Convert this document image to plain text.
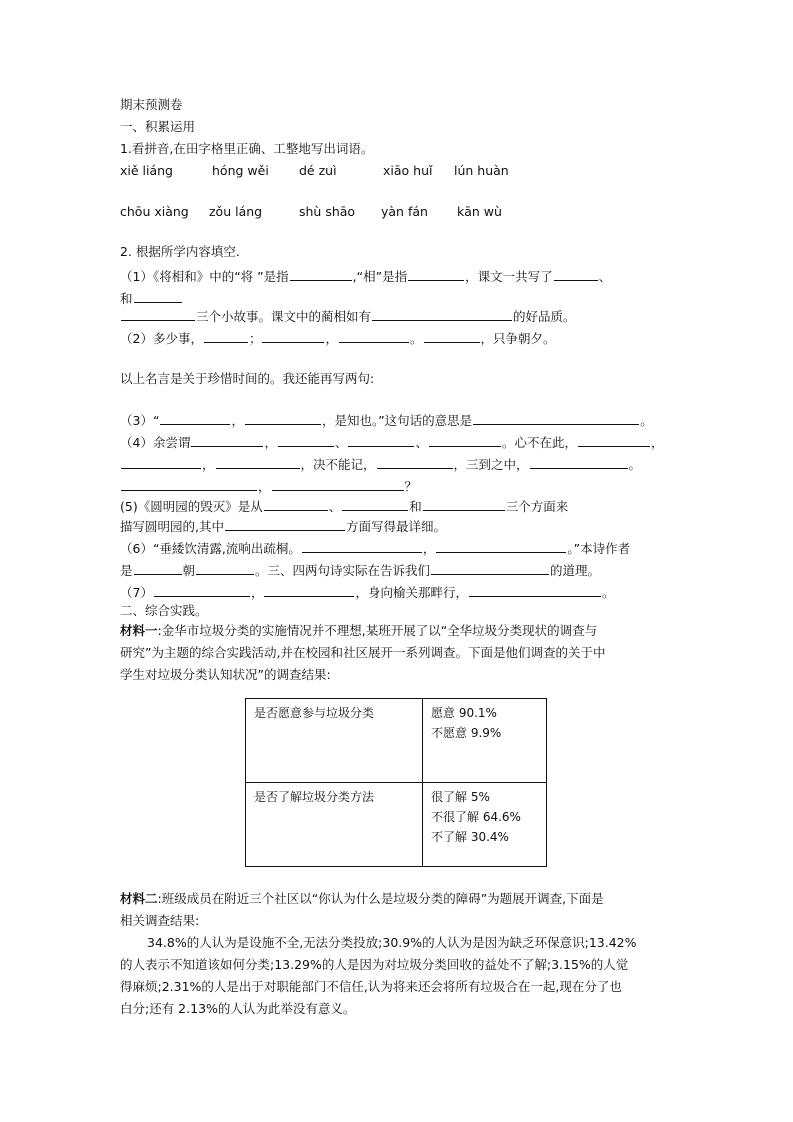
期末预测卷
一、积累运用
1.看拼音,在田字格里正确、工整地写出词语。
xiě liáng	hóng wěi dé zuì	xiāo huǐ lún huàn
chōu xiàng zǒu láng	shù shāo yàn fán kān wù
2. 根据所学内容填空.
（1）《将相和》中的“将 ”是指	,“相”是指	，课文一共写了	、
和
三个小故事。课文中的蔺相如有	的好品质。
（2）多少事，	；	，	。	，只争朝夕。
以上名言是关于珍惜时间的。我还能再写两句:
（3）“	，	，是知也。”这句话的意思是	。
（4）余尝谓	，	、	、	。心不在此，	，
，	，决不能记，	，三到之中，	。
，	？
(5)《圆明园的毁灭》是从	、	和	三个方面来
描写圆明园的,其中	方面写得最详细。
（6）“垂緌饮清露,流响出疏桐。	，	。”本诗作者
是	朝	。三、四两句诗实际在告诉我们	的道理。
（7）	，	，身向榆关那畔行，	。
二、综合实践。
材料一:金华市垃圾分类的实施情况并不理想,某班开展了以“全华垃圾分类现状的调查与
研究”为主题的综合实践活动,并在校园和社区展开一系列调查。下面是他们调查的关于中
学生对垃圾分类认知状况”的调查结果:
是否愿意参与垃圾分类	愿意 90.1%
不愿意 9.9%

是否了解垃圾分类方法	很了解 5%
不很了解 64.6%
不了解 30.4%
材料二:班级成员在附近三个社区以“你认为什么是垃圾分类的障碍”为题展开调查,下面是
相关调查结果:
34.8%的人认为是设施不全,无法分类投放;30.9%的人认为是因为缺乏环保意识;13.42%
的人表示不知道该如何分类;13.29%的人是因为对垃圾分类回收的益处不了解;3.15%的人觉
得麻烦;2.31%的人是出于对职能部门不信任,认为将来还会将所有垃圾合在一起,现在分了也
白分;还有 2.13%的人认为此举没有意义。
